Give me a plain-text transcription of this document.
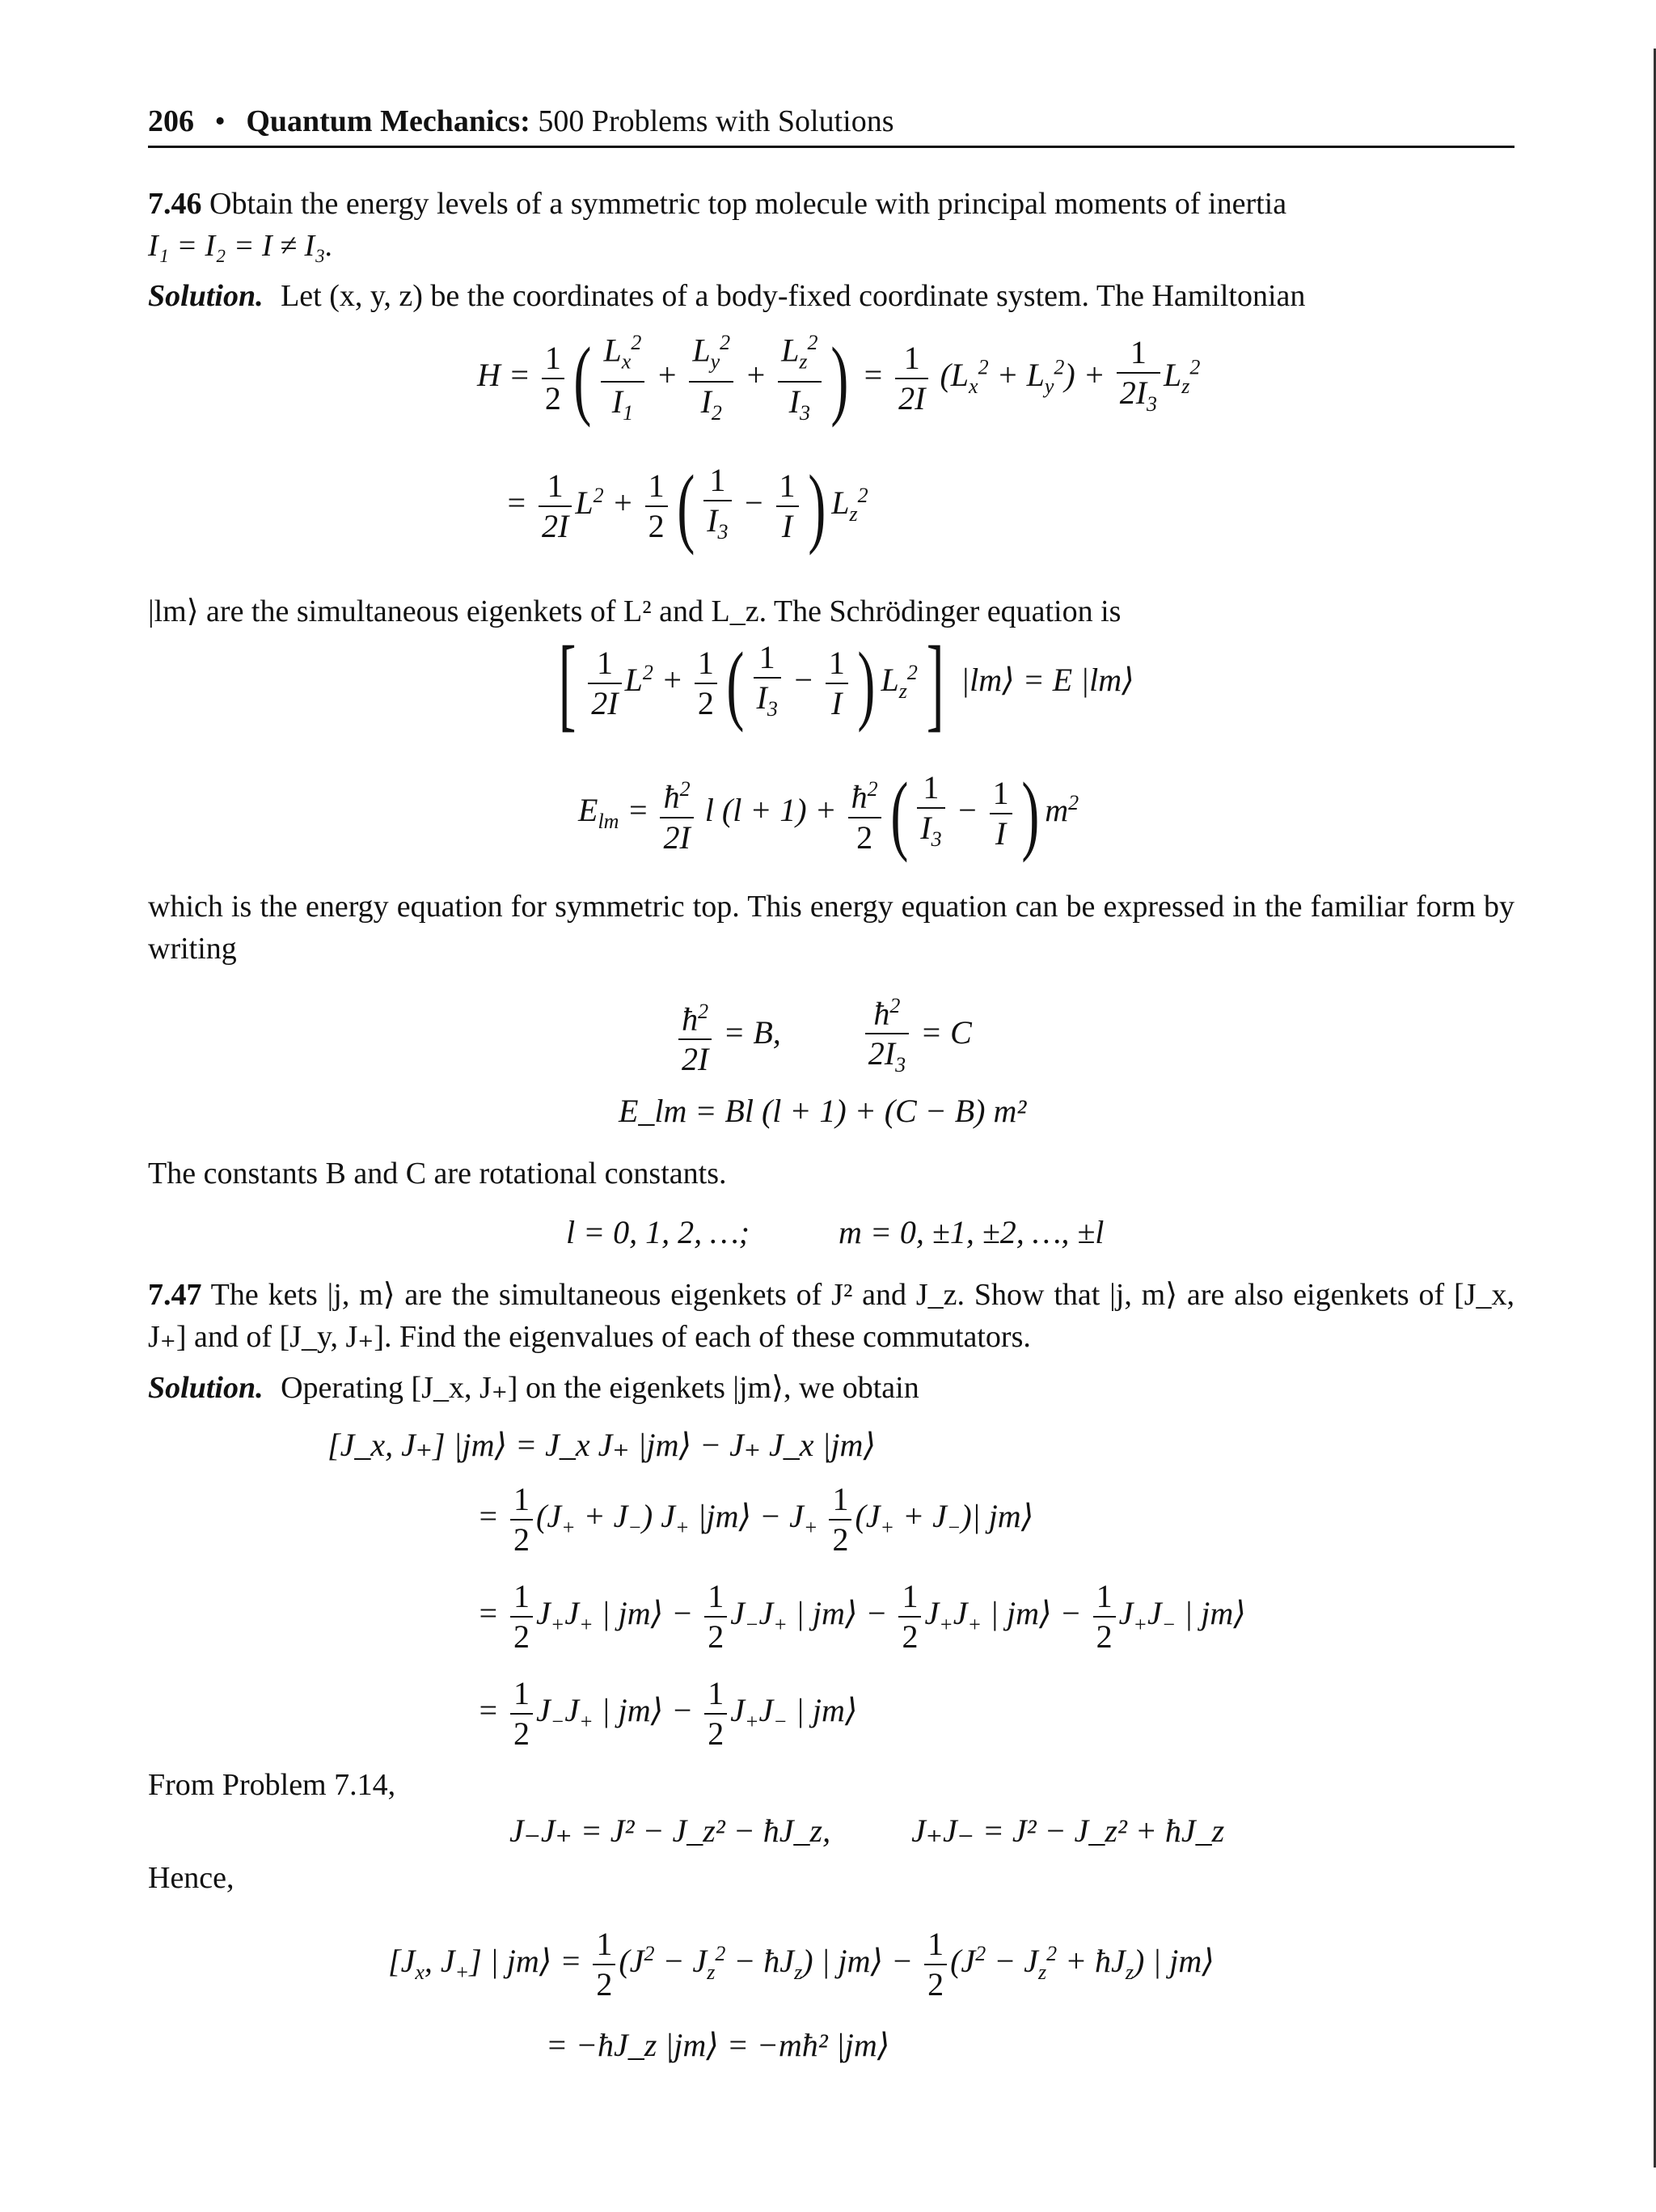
206 • Quantum Mechanics: 500 Problems with Solutions
7.46 Obtain the energy levels of a symmetric top molecule with principal moments of inertia
I₁ = I₂ = I ≠ I₃.
Solution. Let (x, y, z) be the coordinates of a body-fixed coordinate system. The Hamiltonian
$H = \frac{1}{2}$ ( $\frac{L_x^2}{I_1} + \frac{L_y^2}{I_2} + \frac{L_z^2}{I_3}$ ) = $\frac{1}{2I} (L_x^2 + L_y^2) + \frac{1}{2I_3} L_z^2$
= $\frac{1}{2I} L^2 + \frac{1}{2}$ ( $\frac{1}{I_3} - \frac{1}{I}$ ) $L_z^2$
|lm⟩ are the simultaneous eigenkets of L² and L_z. The Schrödinger equation is
[ $\frac{1}{2I} L^2 + \frac{1}{2}$ ( $\frac{1}{I_3} - \frac{1}{I}$ ) $L_z^2$] |lm⟩ = E |lm⟩
$E_{lm} = \frac{ħ^2}{2I}$ l $(l + 1) + \frac{ħ^2}{2}$ ( $\frac{1}{I_3} - \frac{1}{I}$ ) $m^2$
which is the energy equation for symmetric top. This energy equation can be expressed in the familiar form by writing
$\frac{ħ^2}{2I} = B$, $\frac{ħ^2}{2I_3} = C$
E_lm = Bl (l + 1) + (C − B) m²
The constants B and C are rotational constants.
l = 0, 1, 2, …;	m = 0, ±1, ±2, …, ±l
7.47 The kets |j, m⟩ are the simultaneous eigenkets of J² and J_z. Show that |j, m⟩ are also eigenkets of [J_x, J₊] and of [J_y, J₊]. Find the eigenvalues of each of these commutators.
Solution. Operating [J_x, J₊] on the eigenkets |jm⟩, we obtain
[J_x, J₊] |jm⟩ = J_x J₊ |jm⟩ − J₊ J_x |jm⟩
= $\frac{1}{2} (J_+ + J_-)$ $J_+$ |jm⟩ − $J_+ \frac{1}{2} (J_+ + J_-)|$ jm⟩
= $\frac{1}{2} J_+J_+$ | jm⟩ − $\frac{1}{2} J_-J_+$ | jm⟩ − $\frac{1}{2} J_+J_+$ | jm⟩ − $\frac{1}{2} J_+J_-$ | jm⟩
= $\frac{1}{2} J_-J_+$ | jm⟩ − $\frac{1}{2} J_+J_-$ | jm⟩
From Problem 7.14,
J₋J₊ = J² − J_z² − ħJ_z,	J₊J₋ = J² − J_z² + ħJ_z
Hence,
[$J_x$, $J_+$] | jm⟩ = $\frac{1}{2} (J^2 - J_z^2$ − $ħJ_z$) | jm⟩ − $\frac{1}{2} (J^2 - J_z^2$ + $ħJ_z$) | jm⟩
= −ħJ_z |jm⟩ = −mħ² |jm⟩
